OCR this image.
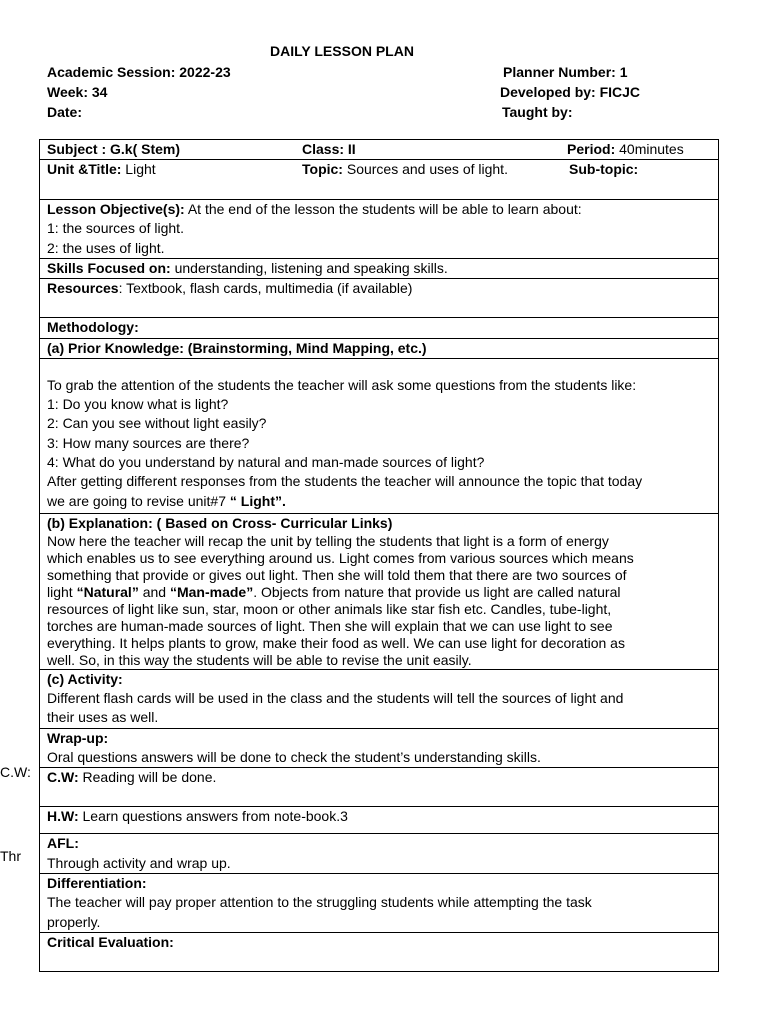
DAILY LESSON PLAN
Academic Session: 2022-23
Week: 34
Date:
Planner Number: 1
Developed by: FICJC
Taught by:
C.W:
Thr
Subject : G.k( Stem)	Class: II	Period: 40minutes

Unit &Title: Light	Topic: Sources and uses of light.	Sub-topic:

Lesson Objective(s): At the end of the lesson the students will be able to learn about:
1: the sources of light.
2: the uses of light.

Skills Focused on: understanding, listening and speaking skills.
Resources: Textbook, flash cards, multimedia (if available)
Methodology:
(a) Prior Knowledge: (Brainstorming, Mind Mapping, etc.)

To grab the attention of the students the teacher will ask some questions from the students like:
1: Do you know what is light?
2: Can you see without light easily?
3: How many sources are there?
4: What do you understand by natural and man-made sources of light?
After getting different responses from the students the teacher will announce the topic that today
we are going to revise unit#7 “ Light”.

(b) Explanation: ( Based on Cross- Curricular Links)
Now here the teacher will recap the unit by telling the students that light is a form of energy
which enables us to see everything around us. Light comes from various sources which means
something that provide or gives out light. Then she will told them that there are two sources of
light “Natural” and “Man-made”. Objects from nature that provide us light are called natural
resources of light like sun, star, moon or other animals like star fish etc. Candles, tube-light,
torches are human-made sources of light. Then she will explain that we can use light to see
everything. It helps plants to grow, make their food as well. We can use light for decoration as
well. So, in this way the students will be able to revise the unit easily.

(c) Activity:
Different flash cards will be used in the class and the students will tell the sources of light and
their uses as well.

Wrap-up:
Oral questions answers will be done to check the student’s understanding skills.

C.W: Reading will be done.
H.W: Learn questions answers from note-book.3

AFL:
Through activity and wrap up.

Differentiation:
The teacher will pay proper attention to the struggling students while attempting the task
properly.

Critical Evaluation:
